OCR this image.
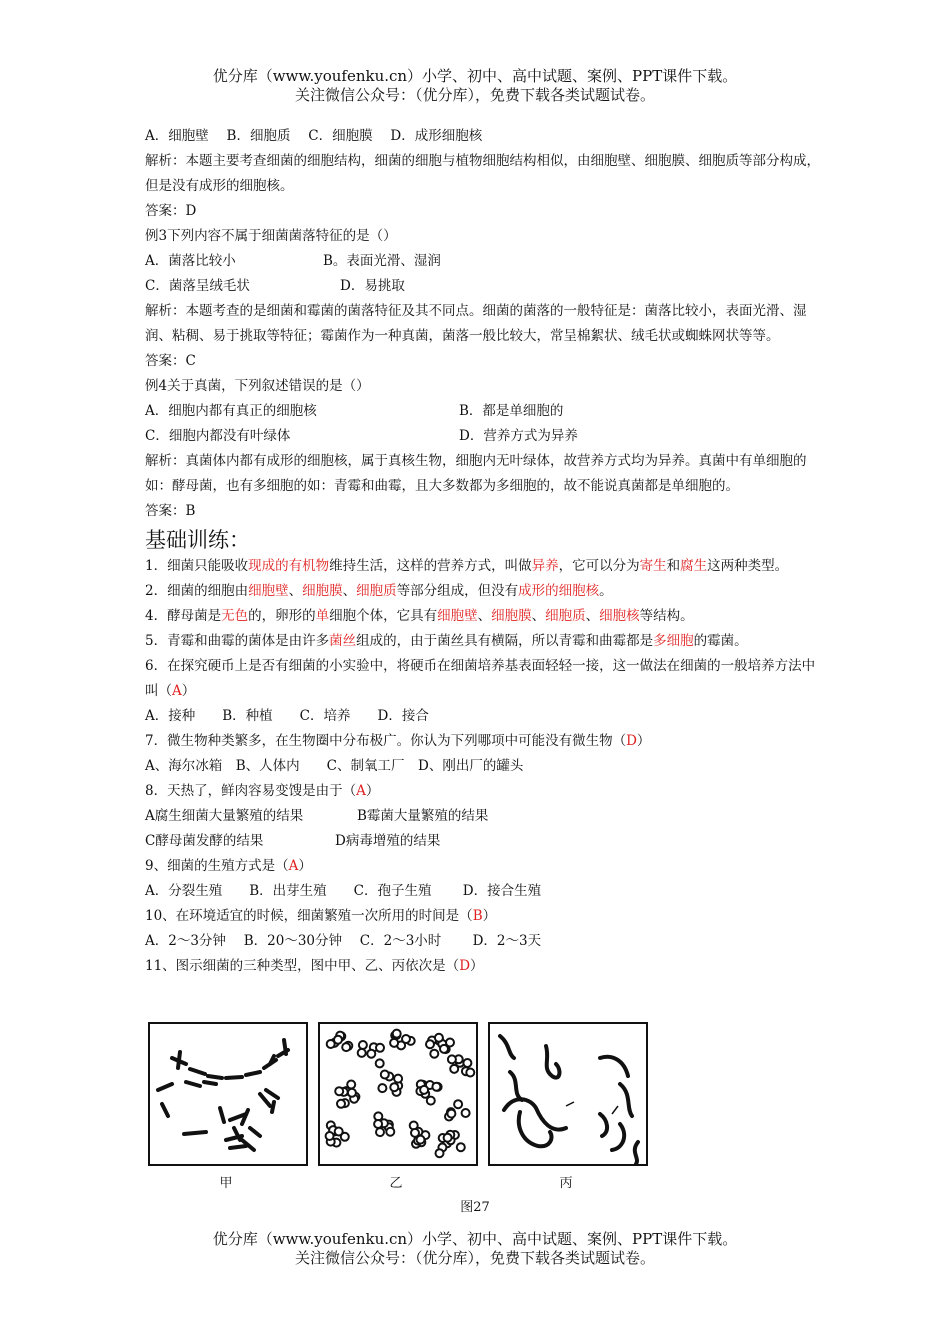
优分库（www.youfenku.cn）小学、初中、高中试题、案例、PPT课件下载。
关注微信公众号：（优分库），免费下载各类试题试卷。
A．细胞壁　 B．细胞质　 C．细胞膜　 D．成形细胞核
解析：本题主要考查细菌的细胞结构，细菌的细胞与植物细胞结构相似，由细胞壁、细胞膜、细胞质等部分构成，但是没有成形的细胞核。
答案：D
例3下列内容不属于细菌菌落特征的是（）
A．菌落比较小	B。表面光滑、湿润
C．菌落呈绒毛状	D．易挑取
解析：本题考查的是细菌和霉菌的菌落特征及其不同点。细菌的菌落的一般特征是：菌落比较小，表面光滑、湿润、粘稠、易于挑取等特征；霉菌作为一种真菌，菌落一般比较大，常呈棉絮状、绒毛状或蜘蛛网状等等。
答案：C
例4关于真菌，下列叙述错误的是（）
A．细胞内都有真正的细胞核	B．都是单细胞的
C．细胞内都没有叶绿体	D．营养方式为异养
解析：真菌体内都有成形的细胞核，属于真核生物，细胞内无叶绿体，故营养方式均为异养。真菌中有单细胞的如：酵母菌，也有多细胞的如：青霉和曲霉，且大多数都为多细胞的，故不能说真菌都是单细胞的。
答案：B
基础训练：
1．细菌只能吸收现成的有机物维持生活，这样的营养方式，叫做异养，它可以分为寄生和腐生这两种类型。
2．细菌的细胞由细胞壁、细胞膜、细胞质等部分组成，但没有成形的细胞核。
4．酵母菌是无色的，卵形的单细胞个体，它具有细胞壁、细胞膜、细胞质、细胞核等结构。
5．青霉和曲霉的菌体是由许多菌丝组成的，由于菌丝具有横隔，所以青霉和曲霉都是多细胞的霉菌。
6．在探究硬币上是否有细菌的小实验中，将硬币在细菌培养基表面轻轻一接，这一做法在细菌的一般培养方法中叫（A）
A．接种　　B．种植　　C．培养　　D．接合
7．微生物种类繁多，在生物圈中分布极广。你认为下列哪项中可能没有微生物（D）
A、海尔冰箱　B、人体内　　C、制氧工厂　D、刚出厂的罐头
8．天热了，鲜肉容易变馊是由于（A）
A腐生细菌大量繁殖的结果	B霉菌大量繁殖的结果
C酵母菌发酵的结果	D病毒增殖的结果
9、细菌的生殖方式是（A）
A．分裂生殖　　B．出芽生殖　　C．孢子生殖　　 D．接合生殖
10、在环境适宜的时候，细菌繁殖一次所用的时间是（B）
A．2～3分钟　 B．20～30分钟　 C．2～3小时　　 D．2～3天
11、图示细菌的三种类型，图中甲、乙、丙依次是（D）
甲	乙	丙
图27
优分库（www.youfenku.cn）小学、初中、高中试题、案例、PPT课件下载。
关注微信公众号：（优分库），免费下载各类试题试卷。
